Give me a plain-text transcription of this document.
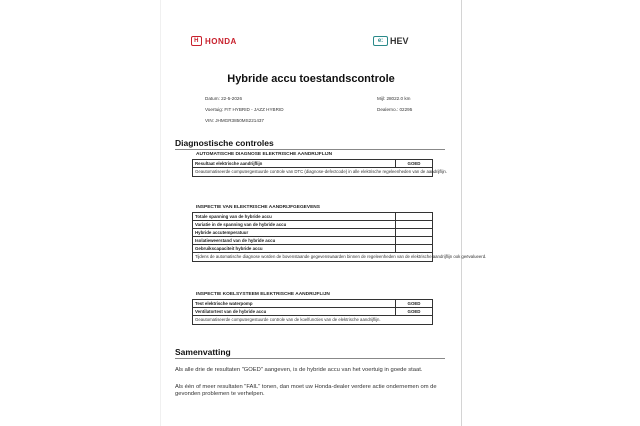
H HONDA	e: HEV
Hybride accu toestandscontrole
Datum: 22-5-2026
Voertuig: FIT HYBRID - JAZZ HYBRID
VIN: JHMGR3850MS221437
Mijl: 28022.0 km
Dealerno.: 02295
Diagnostische controles
AUTOMATISCHE DIAGNOSE ELEKTRISCHE AANDRIJFLIJN
Resultaat elektrische aandrijflijn	GOED
Geautomatiseerde computergestuurde controle van DTC (diagnose-defectcode) in alle elektrische regeleenheden van de aandrijflijn.
INSPECTIE VAN ELEKTRISCHE AANDRIJFGEGEVENS
Totale spanning van de hybride accu
Variatie in de spanning van de hybride accu
Hybride accutemperatuur
Isolatieweerstand van de hybride accu
Gebruikscapaciteit hybride accu
Tijdens de automatische diagnose worden de bovenstaande gegevenswaarden binnen de regeleenheden van de elektrische aandrijflijn ook geëvalueerd.
INSPECTIE KOELSYSTEEM ELEKTRISCHE AANDRIJFLIJN
Test elektrische waterpomp	GOED
Ventilatortest van de hybride accu	GOED
Geautomatiseerde computergestuurde controle van de koelfuncties van de elektrische aandrijflijn.
Samenvatting
Als alle drie de resultaten "GOED" aangeven, is de hybride accu van het voertuig in goede staat.
Als één of meer resultaten "FAIL" tonen, dan moet uw Honda-dealer verdere actie ondernemen om de gevonden problemen te verhelpen.
